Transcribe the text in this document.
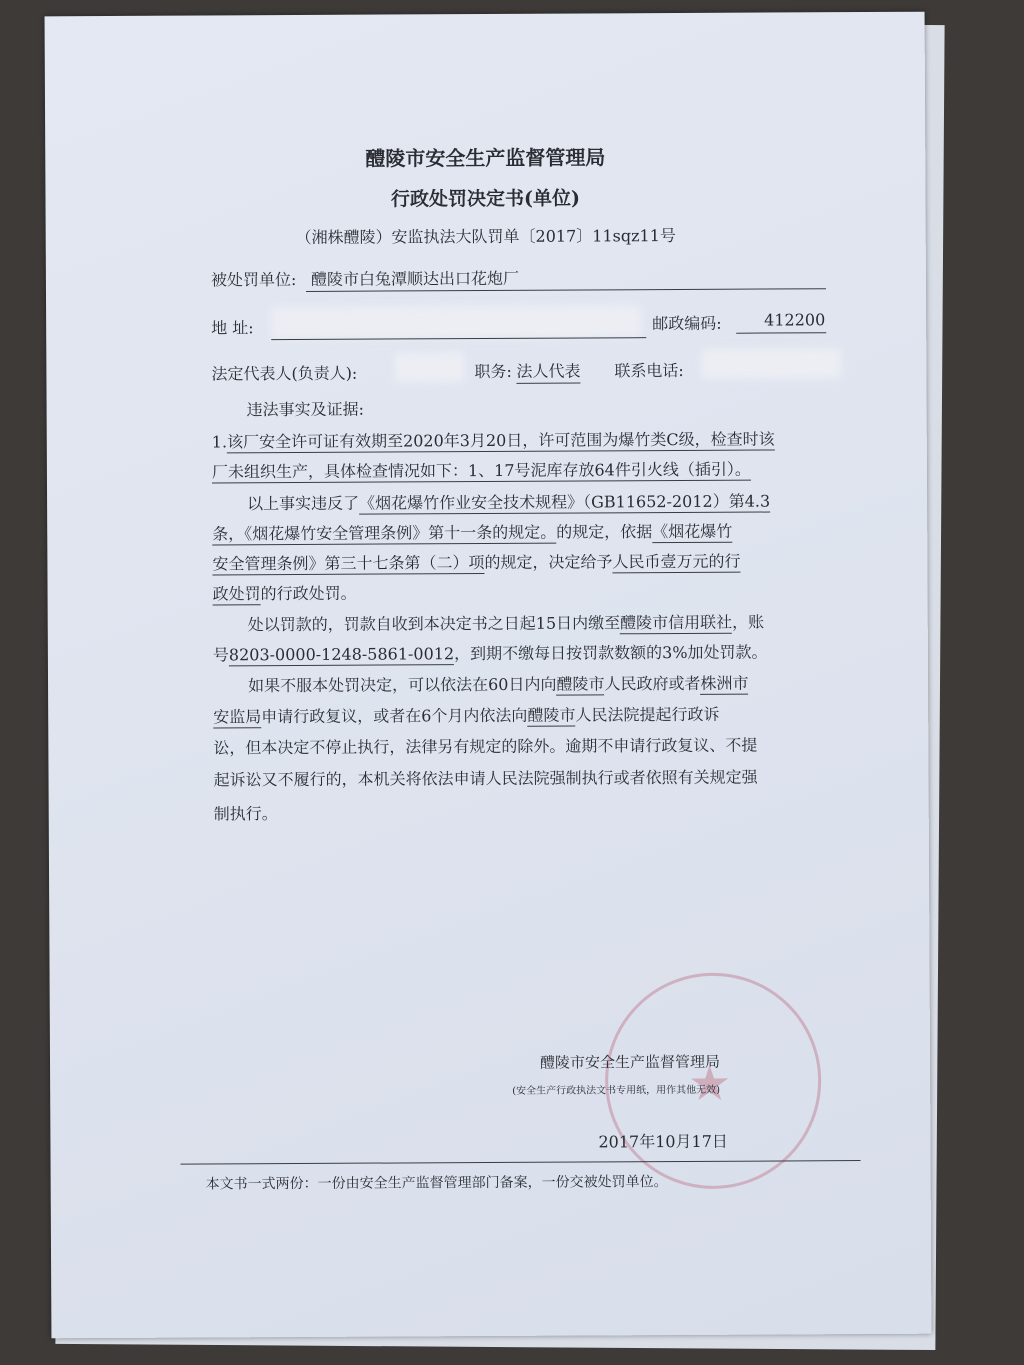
醴陵市安全生产监督管理局
行政处罚决定书(单位)
（湘株醴陵）安监执法大队罚单〔2017〕11sqz11号
被处罚单位: 醴陵市白兔潭顺达出口花炮厂
地 址:	邮政编码:	412200
法定代表人(负责人):	职务: 法人代表 联系电话:
违法事实及证据:
1.该厂安全许可证有效期至2020年3月20日，许可范围为爆竹类C级，检查时该
厂未组织生产，具体检查情况如下：1、17号泥库存放64件引火线（插引）。
以上事实违反了《烟花爆竹作业安全技术规程》（GB11652-2012）第4.3
条，《烟花爆竹安全管理条例》第十一条的规定。的规定，依据《烟花爆竹
安全管理条例》第三十七条第（二）项的规定，决定给予人民币壹万元的行
政处罚的行政处罚。
处以罚款的，罚款自收到本决定书之日起15日内缴至醴陵市信用联社，账
号8203-0000-1248-5861-0012，到期不缴每日按罚款数额的3%加处罚款。
如果不服本处罚决定，可以依法在60日内向醴陵市人民政府或者株洲市
安监局申请行政复议，或者在6个月内依法向醴陵市人民法院提起行政诉
讼，但本决定不停止执行，法律另有规定的除外。逾期不申请行政复议、不提
起诉讼又不履行的，本机关将依法申请人民法院强制执行或者依照有关规定强
制执行。
★
醴陵市安全生产监督管理局
(安全生产行政执法文书专用纸，用作其他无效)
2017年10月17日
本文书一式两份：一份由安全生产监督管理部门备案，一份交被处罚单位。
